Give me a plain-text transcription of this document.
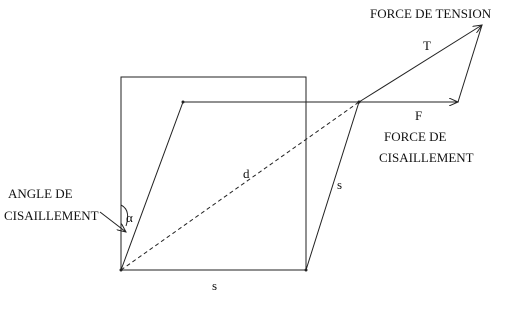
FORCE DE TENSION
T
F
FORCE DE
CISAILLEMENT
ANGLE DE
CISAILLEMENT α
d
s
s
